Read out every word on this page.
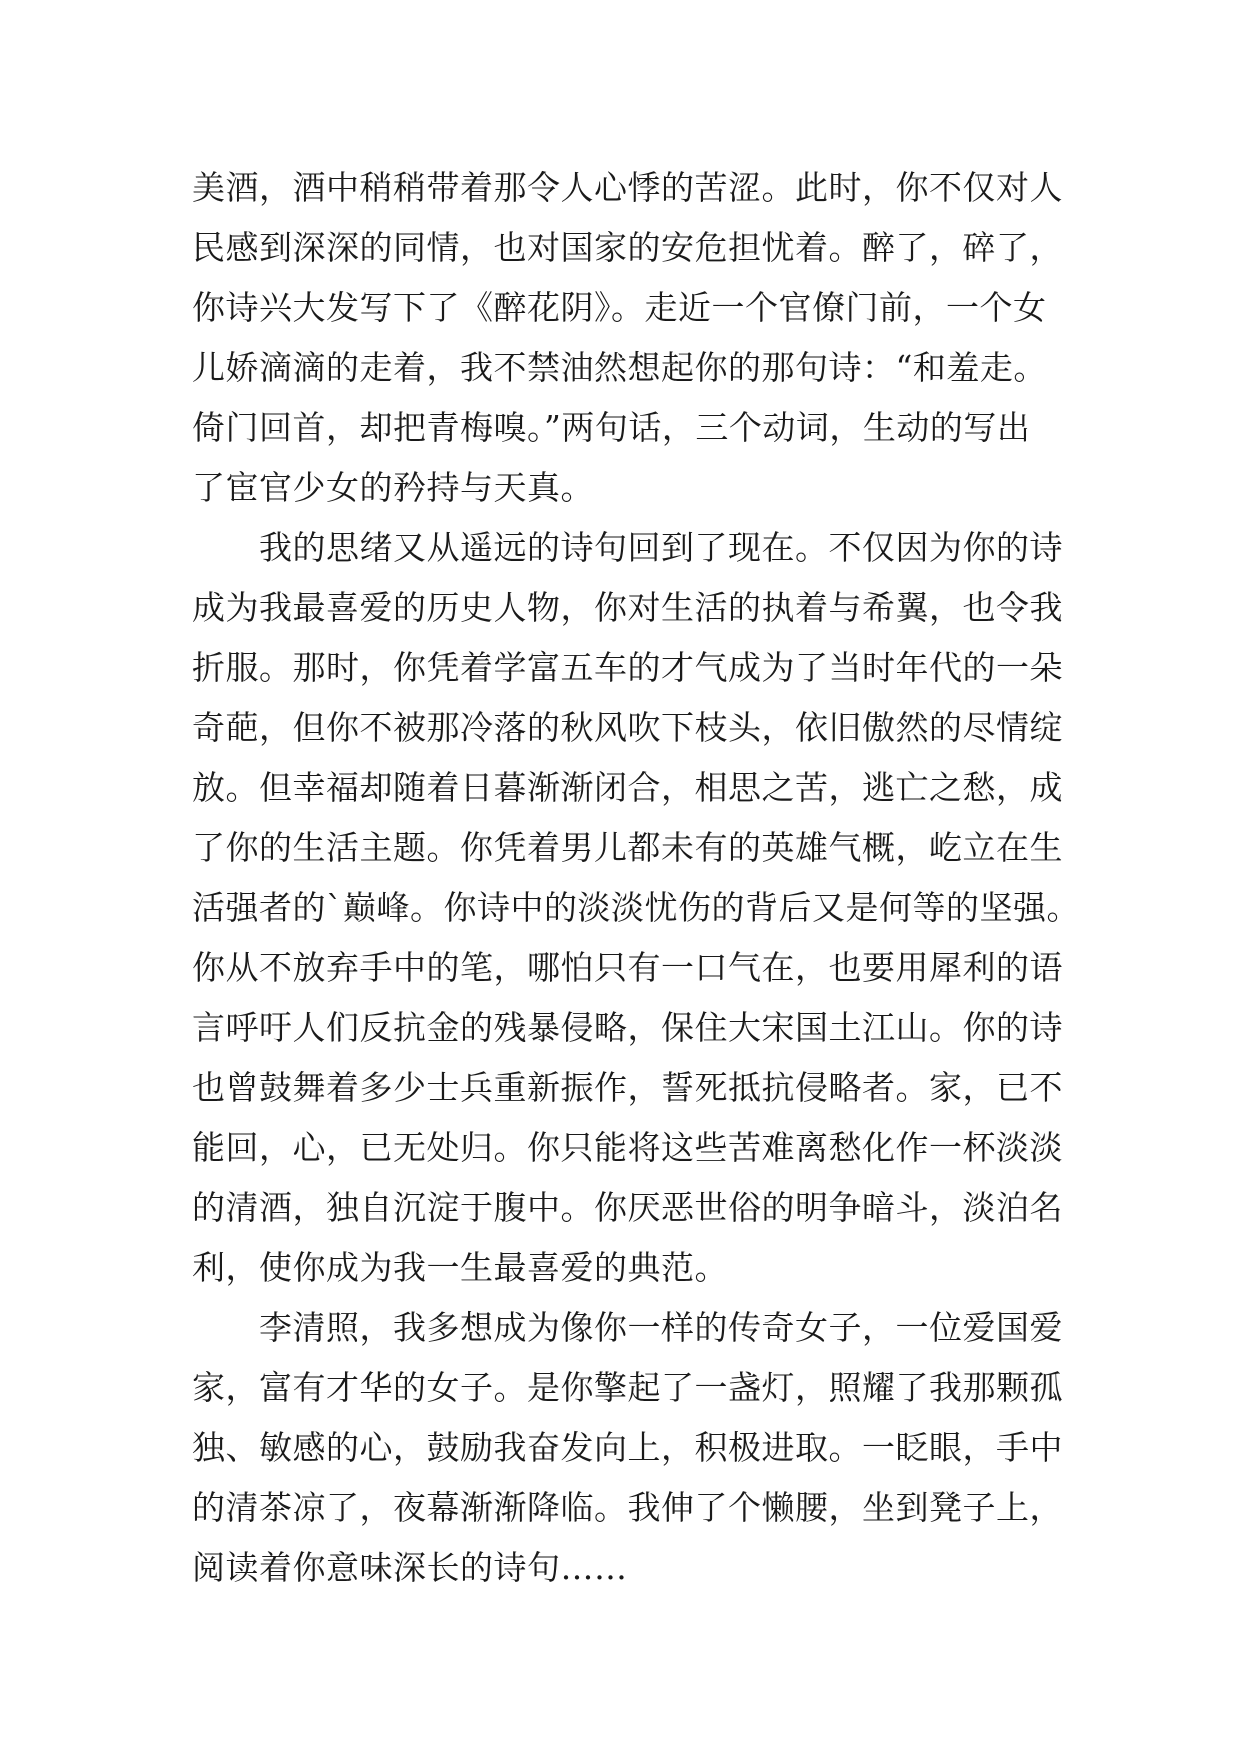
美酒，酒中稍稍带着那令人心悸的苦涩。此时，你不仅对人
民感到深深的同情，也对国家的安危担忧着。醉了，碎了，
你诗兴大发写下了《醉花阴》。走近一个官僚门前，一个女
儿娇滴滴的走着，我不禁油然想起你的那句诗：“和羞走。
倚门回首，却把青梅嗅。”两句话，三个动词，生动的写出
了宦官少女的矜持与天真。
　　我的思绪又从遥远的诗句回到了现在。不仅因为你的诗
成为我最喜爱的历史人物，你对生活的执着与希翼，也令我
折服。那时，你凭着学富五车的才气成为了当时年代的一朵
奇葩，但你不被那冷落的秋风吹下枝头，依旧傲然的尽情绽
放。但幸福却随着日暮渐渐闭合，相思之苦，逃亡之愁，成
了你的生活主题。你凭着男儿都未有的英雄气概，屹立在生
活强者的`巅峰。你诗中的淡淡忧伤的背后又是何等的坚强。
你从不放弃手中的笔，哪怕只有一口气在，也要用犀利的语
言呼吁人们反抗金的残暴侵略，保住大宋国土江山。你的诗
也曾鼓舞着多少士兵重新振作，誓死抵抗侵略者。家，已不
能回，心，已无处归。你只能将这些苦难离愁化作一杯淡淡
的清酒，独自沉淀于腹中。你厌恶世俗的明争暗斗，淡泊名
利，使你成为我一生最喜爱的典范。
　　李清照，我多想成为像你一样的传奇女子，一位爱国爱
家，富有才华的女子。是你擎起了一盏灯，照耀了我那颗孤
独、敏感的心，鼓励我奋发向上，积极进取。一眨眼，手中
的清茶凉了，夜幕渐渐降临。我伸了个懒腰，坐到凳子上，
阅读着你意味深长的诗句……
